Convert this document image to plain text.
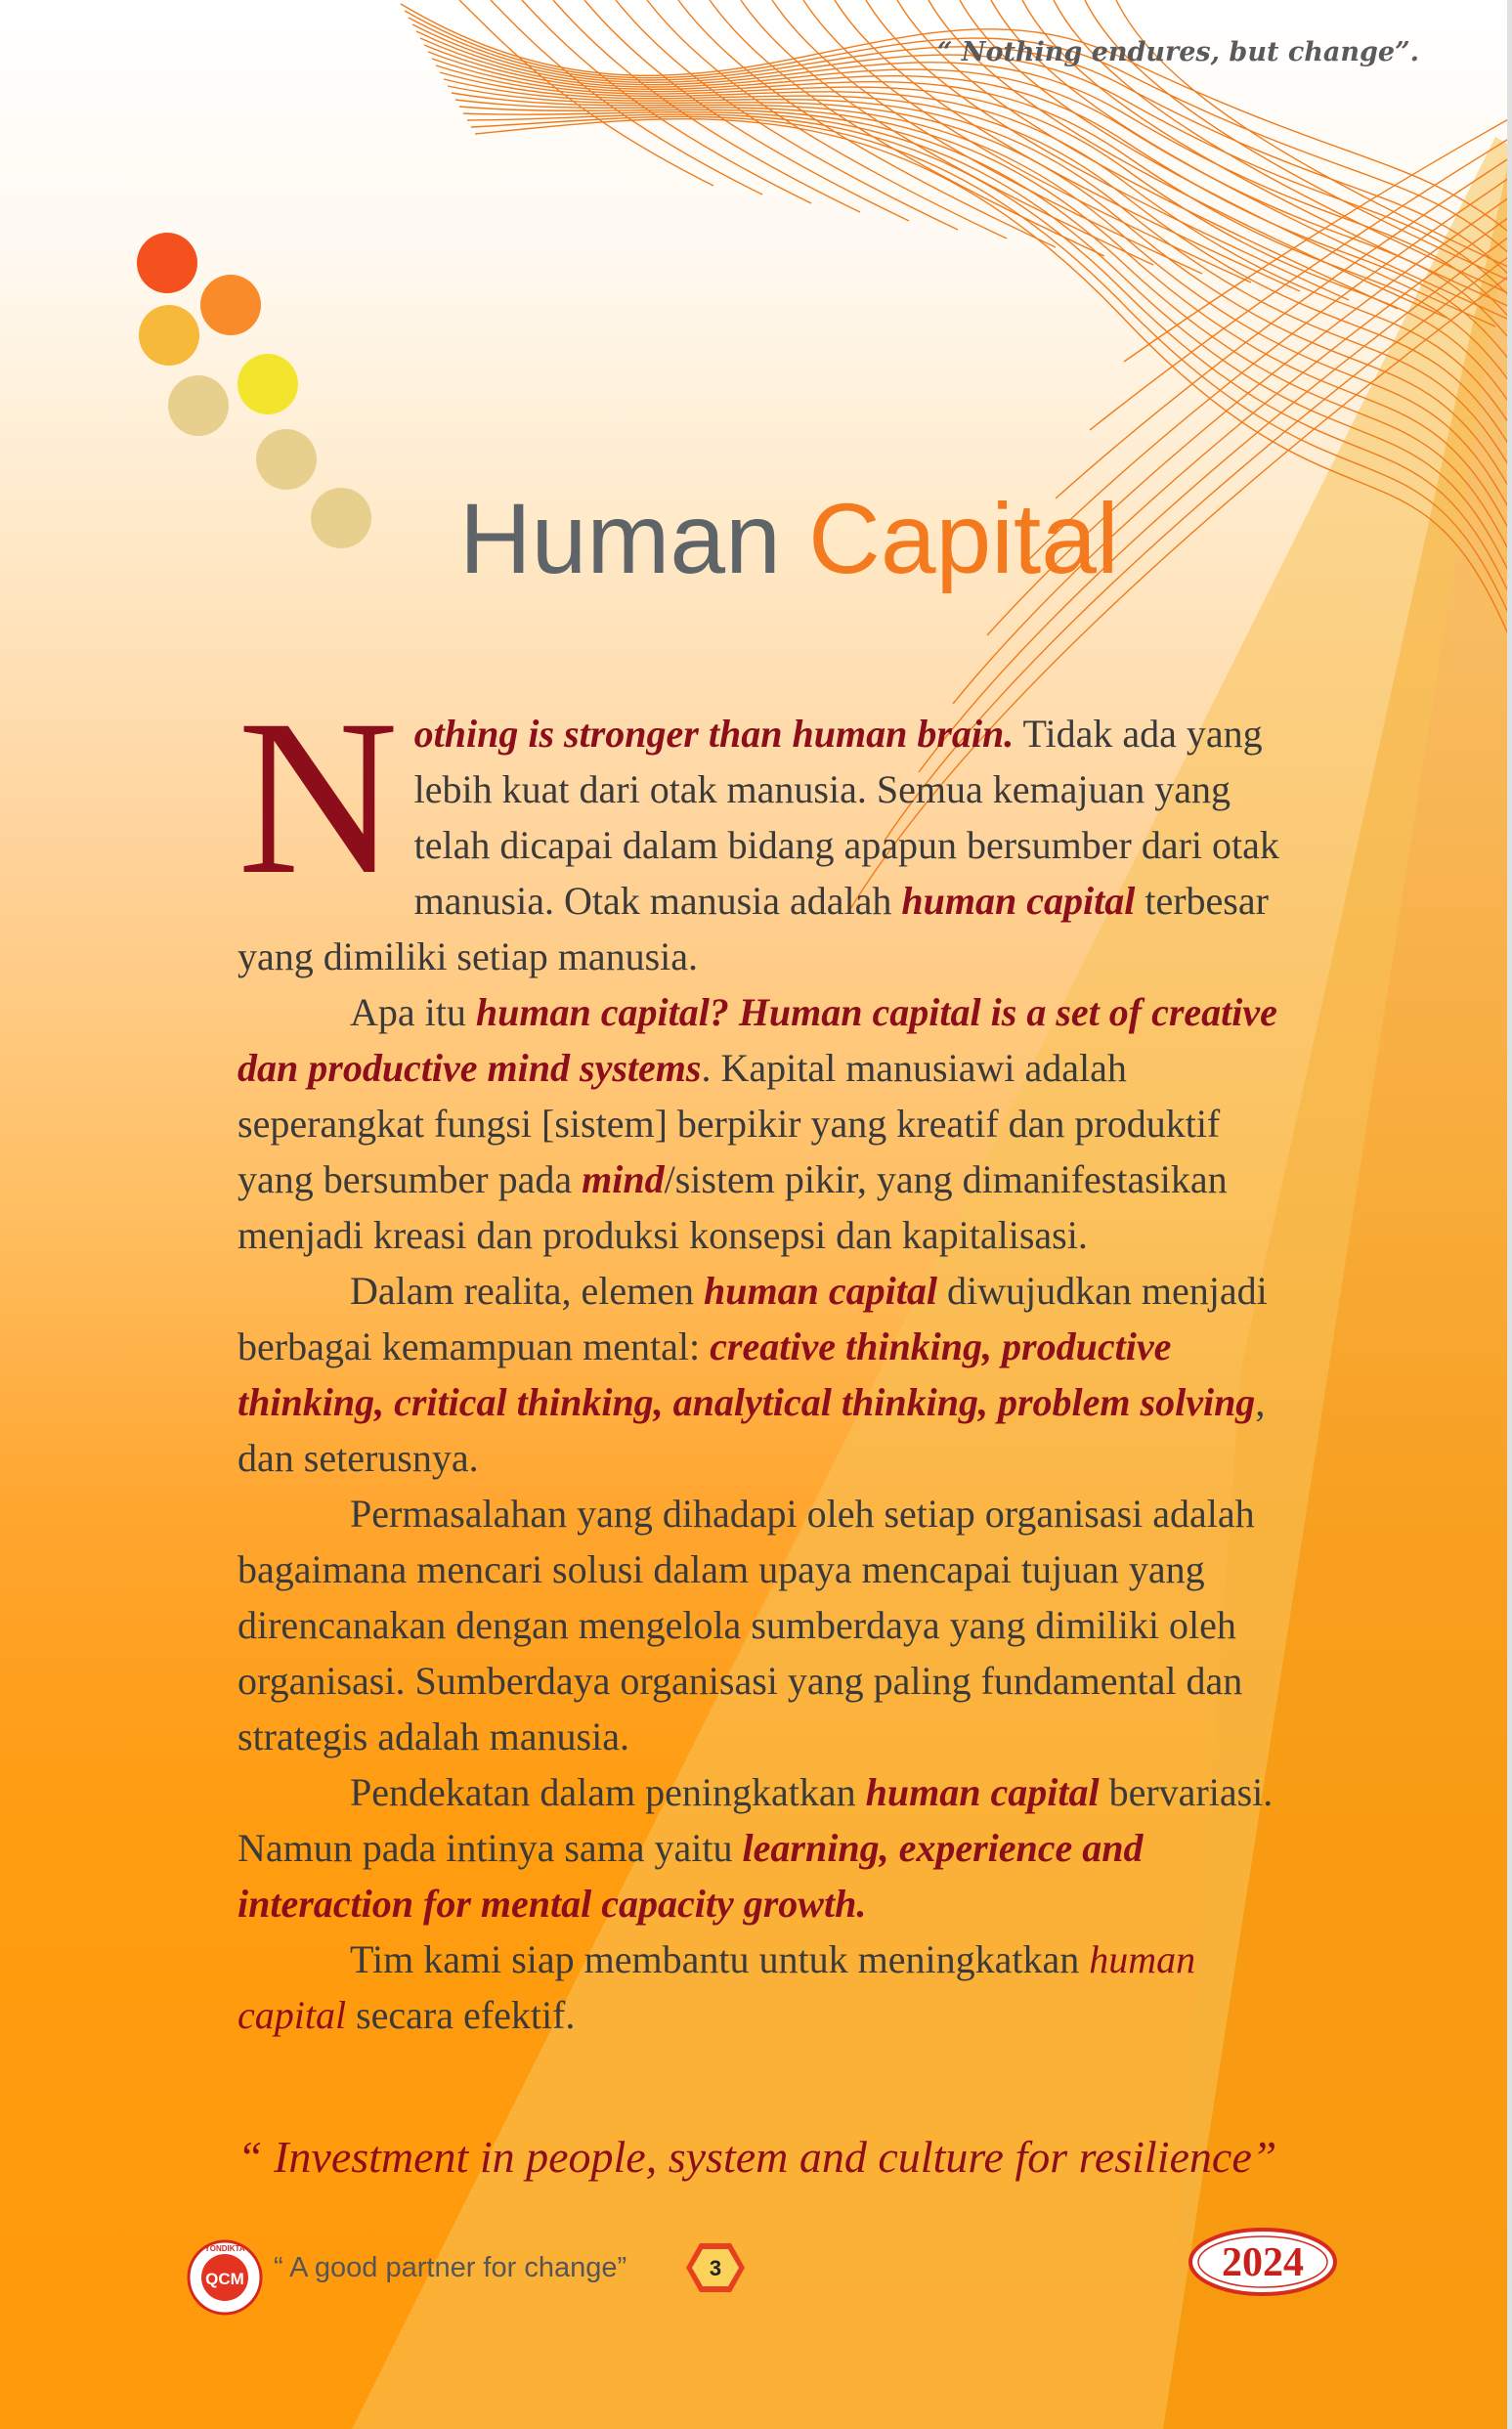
“ Nothing endures, but change”.
Human Capital

Nothing is stronger than human brain. Tidak ada yang lebih kuat dari otak manusia. Semua kemajuan yang telah dicapai dalam bidang apapun bersumber dari otak manusia. Otak manusia adalah human capital terbesar yang dimiliki setiap manusia.

Apa itu human capital? Human capital is a set of creative dan productive mind systems. Kapital manusiawi adalah seperangkat fungsi [sistem] berpikir yang kreatif dan produktif yang bersumber pada mind/sistem pikir, yang dimanifestasikan menjadi kreasi dan produksi konsepsi dan kapitalisasi.

Dalam realita, elemen human capital diwujudkan menjadi berbagai kemampuan mental: creative thinking, productive thinking, critical thinking, analytical thinking, problem solving, dan seterusnya.

Permasalahan yang dihadapi oleh setiap organisasi adalah bagaimana mencari solusi dalam upaya mencapai tujuan yang direncanakan dengan mengelola sumberdaya yang dimiliki oleh organisasi. Sumberdaya organisasi yang paling fundamental dan strategis adalah manusia.

Pendekatan dalam peningkatkan human capital bervariasi. Namun pada intinya sama yaitu learning, experience and interaction for mental capacity growth.

Tim kami siap membantu untuk meningkatkan human capital secara efektif.

“ Investment in people, system and culture for resilience”
QCM
YONDIKTA
“ A good partner for change”	3	2024
